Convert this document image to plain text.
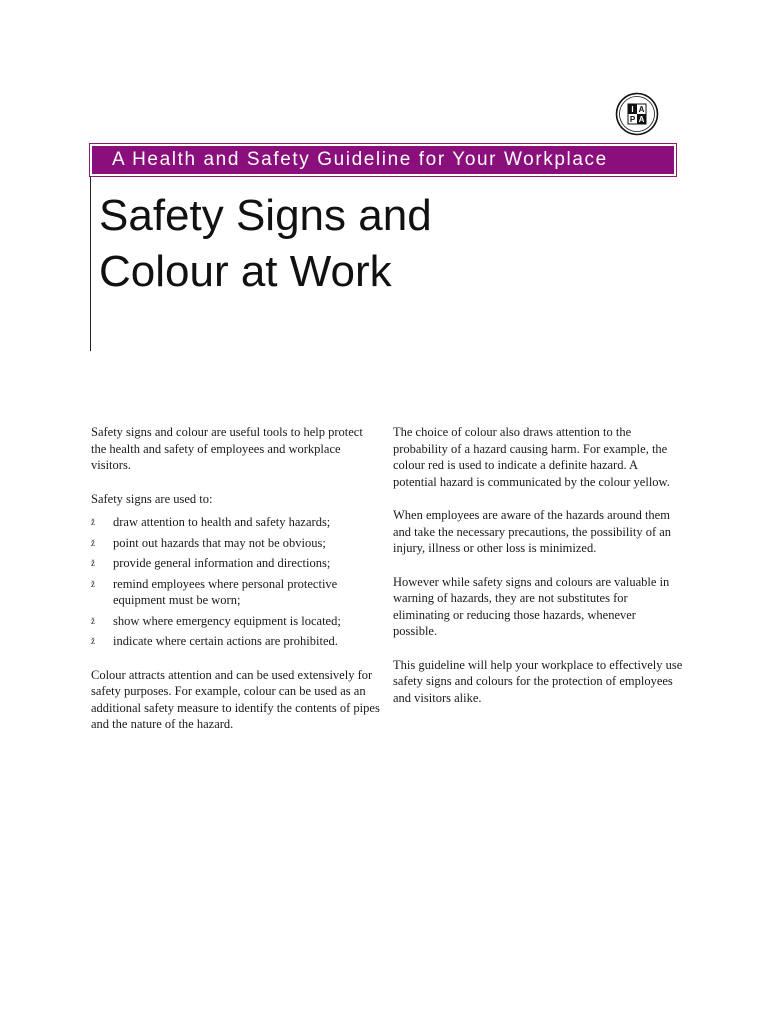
I A
P A
A Health and Safety Guideline for Your Workplace
Safety Signs and
Colour at Work

Safety signs and colour are useful tools to help protect the health and safety of employees and workplace visitors.

Safety signs are used to:

ž draw attention to health and safety hazards;
ž point out hazards that may not be obvious;
ž provide general information and directions;
ž remind employees where personal protective equipment must be worn;
ž show where emergency equipment is located;
ž indicate where certain actions are prohibited.

Colour attracts attention and can be used extensively for safety purposes. For example, colour can be used as an additional safety measure to identify the contents of pipes and the nature of the hazard.

The choice of colour also draws attention to the probability of a hazard causing harm. For example, the colour red is used to indicate a definite hazard. A potential hazard is communicated by the colour yellow.

When employees are aware of the hazards around them and take the necessary precautions, the possibility of an injury, illness or other loss is minimized.

However while safety signs and colours are valuable in warning of hazards, they are not substitutes for eliminating or reducing those hazards, whenever possible.

This guideline will help your workplace to effectively use safety signs and colours for the protection of employees and visitors alike.
